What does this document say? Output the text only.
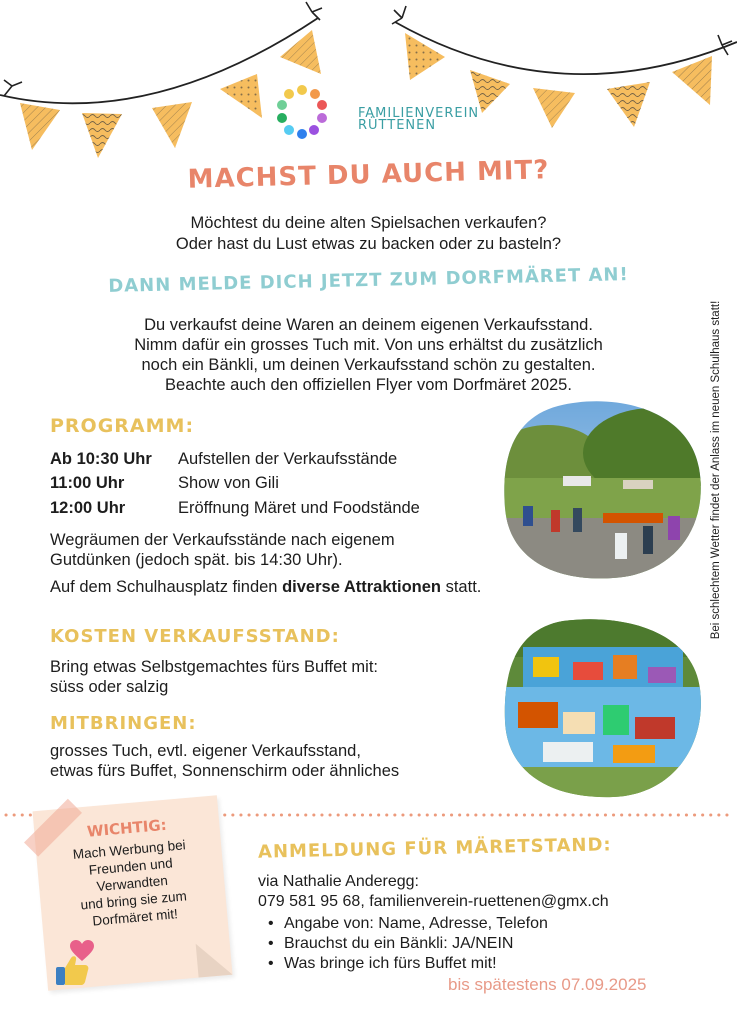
FAMILIENVEREIN
RÜTTENEN
MACHST DU AUCH MIT?
Möchtest du deine alten Spielsachen verkaufen?
Oder hast du Lust etwas zu backen oder zu basteln?
DANN MELDE DICH JETZT ZUM DORFMÄRET AN!
Du verkaufst deine Waren an deinem eigenen Verkaufsstand.
Nimm dafür ein grosses Tuch mit. Von uns erhältst du zusätzlich
noch ein Bänkli, um deinen Verkaufsstand schön zu gestalten.
Beachte auch den offiziellen Flyer vom Dorfmäret 2025.
PROGRAMM:
Ab 10:30 Uhr Aufstellen der Verkaufsstände
11:00 Uhr	Show von Gili
12:00 Uhr	Eröffnung Märet und Foodstände
Wegräumen der Verkaufsstände nach eigenem
Gutdünken (jedoch spät. bis 14:30 Uhr).
Auf dem Schulhausplatz finden diverse Attraktionen statt.
KOSTEN VERKAUFSSTAND:
Bring etwas Selbstgemachtes fürs Buffet mit:
süss oder salzig
MITBRINGEN:
grosses Tuch, evtl. eigener Verkaufsstand,
etwas fürs Buffet, Sonnenschirm oder ähnliches
Bei schlechtem Wetter findet der Anlass im neuen Schulhaus statt!
WICHTIG:
Mach Werbung bei
Freunden und
Verwandten
und bring sie zum
Dorfmäret mit!
ANMELDUNG FÜR MÄRETSTAND:
via Nathalie Anderegg:
079 581 95 68, familienverein-ruettenen@gmx.ch
• Angabe von: Name, Adresse, Telefon
• Brauchst du ein Bänkli: JA/NEIN
• Was bringe ich fürs Buffet mit!
bis spätestens 07.09.2025
